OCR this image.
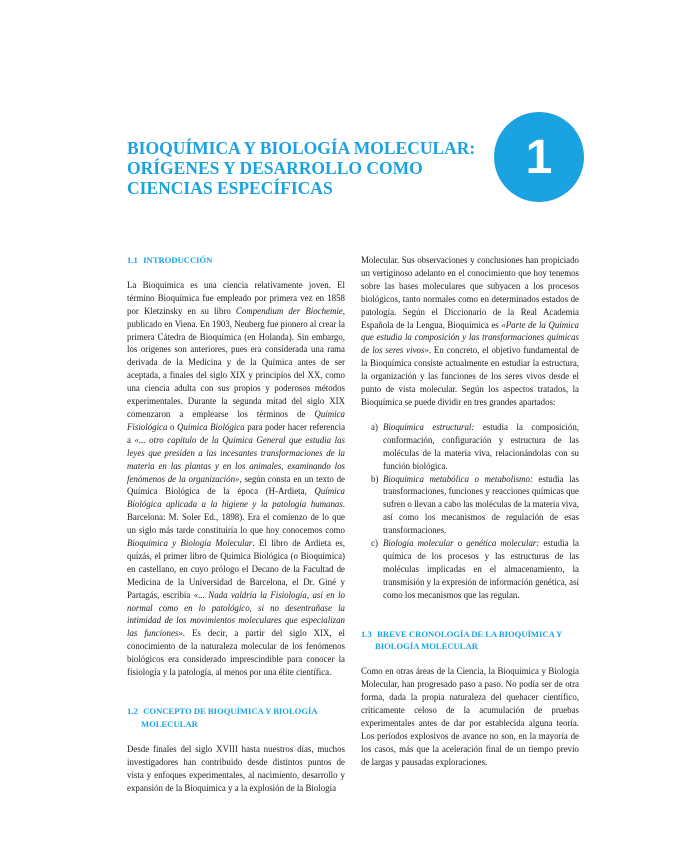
BIOQUÍMICA Y BIOLOGÍA MOLECULAR:
ORÍGENES Y DESARROLLO COMO
CIENCIAS ESPECÍFICAS
1
1.1 INTRODUCCIÓN

La Bioquímica es una ciencia relativamente joven. El término Bioquímica fue empleado por primera vez en 1858 por Kletzinsky en su libro Compendium der Biochemie, publicado en Viena. En 1903, Neuberg fue pionero al crear la primera Cátedra de Bioquímica (en Holanda). Sin embargo, los orígenes son anteriores, pues era considerada una rama derivada de la Medicina y de la Química antes de ser aceptada, a finales del siglo XIX y principios del XX, como una ciencia adulta con sus propios y poderosos métodos experimentales. Durante la segunda mitad del siglo XIX comenzaron a emplearse los términos de Química Fisiológica o Química Biológica para poder hacer referencia a «... otro capítulo de la Química General que estudia las leyes que presiden a las incesantes transformaciones de la materia en las plantas y en los animales, examinando los fenómenos de la organización», según consta en un texto de Química Biológica de la época (H-Ardieta, Química Biológica aplicada a la higiene y la patología humanas. Barcelona: M. Soler Ed., 1898). Era el comienzo de lo que un siglo más tarde constituiría lo que hoy conocemos como Bioquímica y Biología Molecular. El libro de Ardieta es, quizás, el primer libro de Química Biológica (o Bioquímica) en castellano, en cuyo prólogo el Decano de la Facultad de Medicina de la Universidad de Barcelona, el Dr. Giné y Partagás, escribía «... Nada valdría la Fisiología, así en lo normal como en lo patológico, si no desentrañase la intimidad de los movimientos moleculares que especializan las funciones». Es decir, a partir del siglo XIX, el conocimiento de la naturaleza molecular de los fenómenos biológicos era considerado imprescindible para conocer la fisiología y la patología, al menos por una élite científica.

1.2 CONCEPTO DE BIOQUÍMICA Y BIOLOGÍA
MOLECULAR

Desde finales del siglo XVIII hasta nuestros días, muchos investigadores han contribuido desde distintos puntos de vista y enfoques experimentales, al nacimiento, desarrollo y expansión de la Bioquímica y a la explosión de la Biología

Molecular. Sus observaciones y conclusiones han propiciado un vertiginoso adelanto en el conocimiento que hoy tenemos sobre las bases moleculares que subyacen a los procesos biológicos, tanto normales como en determinados estados de patología. Según el Diccionario de la Real Academia Española de la Lengua, Bioquímica es «Parte de la Química que estudia la composición y las transformaciones químicas de los seres vivos». En concreto, el objetivo fundamental de la Bioquímica consiste actualmente en estudiar la estructura, la organización y las funciones de los seres vivos desde el punto de vista molecular. Según los aspectos tratados, la Bioquímica se puede dividir en tres grandes apartados:

a) Bioquímica estructural: estudia la composición, conformación, configuración y estructura de las moléculas de la materia viva, relacionándolas con su función biológica.
b) Bioquímica metabólica o metabolismo: estudia las transformaciones, funciones y reacciones químicas que sufren o llevan a cabo las moléculas de la materia viva, así como los mecanismos de regulación de esas transformaciones.
c) Biología molecular o genética molecular: estudia la química de los procesos y las estructuras de las moléculas implicadas en el almacenamiento, la transmisión y la expresión de información genética, así como los mecanismos que las regulan.
1.3 BREVE CRONOLOGÍA DE LA BIOQUÍMICA Y
BIOLOGÍA MOLECULAR

Como en otras áreas de la Ciencia, la Bioquímica y Biología Molecular, han progresado paso a paso. No podía ser de otra forma, dada la propia naturaleza del quehacer científico, críticamente celoso de la acumulación de pruebas experimentales antes de dar por establecida alguna teoría. Los períodos explosivos de avance no son, en la mayoría de los casos, más que la aceleración final de un tiempo previo de largas y pausadas exploraciones.
